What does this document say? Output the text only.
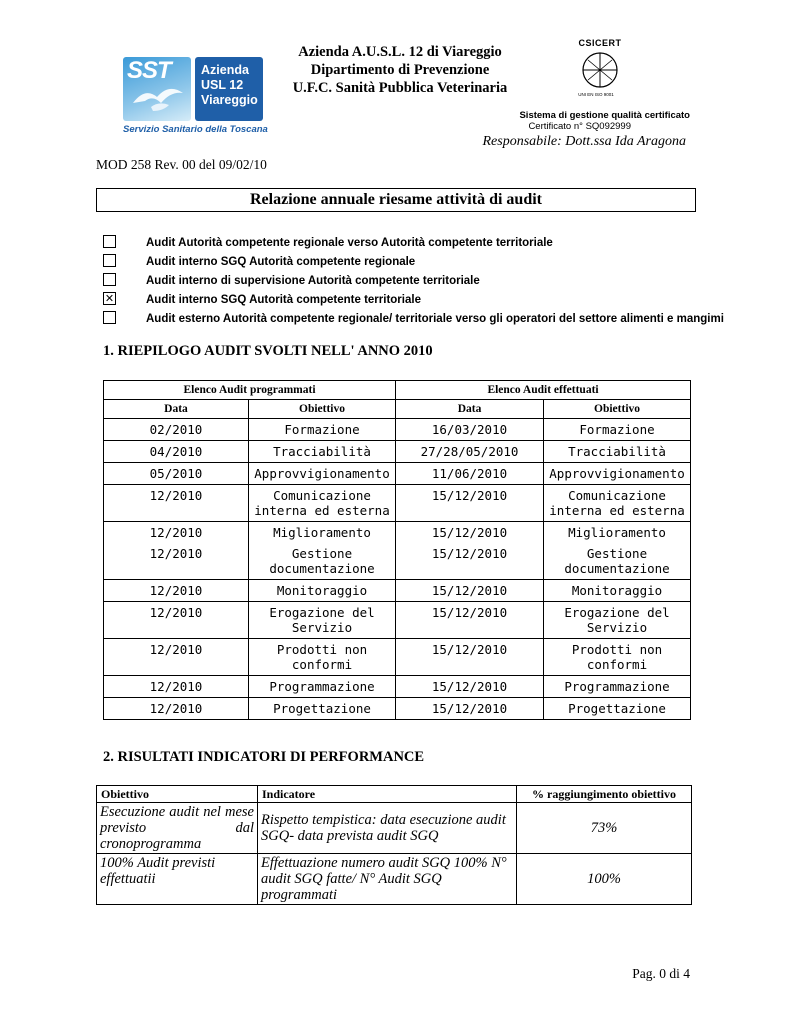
SST Azienda
USL 12
Viareggio
Servizio Sanitario della Toscana
Azienda A.U.S.L. 12 di Viareggio
Dipartimento di Prevenzione
U.F.C. Sanità Pubblica Veterinaria
CSICERT
UNI EN ISO 9001
Sistema di gestione qualità certificato
Certificato n° SQ092999
Responsabile: Dott.ssa Ida Aragona
MOD 258 Rev. 00 del 09/02/10
Relazione annuale riesame attività di audit
Audit Autorità competente regionale verso Autorità competente territoriale
Audit interno SGQ Autorità competente regionale
Audit interno di supervisione Autorità competente territoriale
✕	Audit interno SGQ Autorità competente territoriale
Audit esterno Autorità competente regionale/ territoriale verso gli operatori del settore alimenti e mangimi
1. RIEPILOGO AUDIT SVOLTI NELL' ANNO 2010
Elenco Audit programmati		Elenco Audit effettuati	
Data	Obiettivo	Data	Obiettivo
02/2010	Formazione	16/03/2010	Formazione
04/2010	Tracciabilità	27/28/05/2010	Tracciabilità
05/2010	Approvvigionamento	11/06/2010	Approvvigionamento
12/2010	Comunicazione interna ed esterna	15/12/2010	Comunicazione interna ed esterna
12/2010	Miglioramento	15/12/2010	Miglioramento
12/2010	Gestione documentazione	15/12/2010	Gestione documentazione
12/2010	Monitoraggio	15/12/2010	Monitoraggio
12/2010	Erogazione del Servizio	15/12/2010	Erogazione del Servizio
12/2010	Prodotti non conformi	15/12/2010	Prodotti non conformi
12/2010	Programmazione	15/12/2010	Programmazione
12/2010	Progettazione	15/12/2010	Progettazione
2. RISULTATI INDICATORI DI PERFORMANCE
Obiettivo	Indicatore	% raggiungimento obiettivo
Esecuzione audit nel mese previsto dal cronoprogramma	Rispetto tempistica: data esecuzione audit SGQ- data prevista audit SGQ	73%
100% Audit previsti effettuatii	Effettuazione numero audit SGQ 100% N° audit SGQ fatte/ N° Audit SGQ programmati	100%
Pag. 0 di 4
